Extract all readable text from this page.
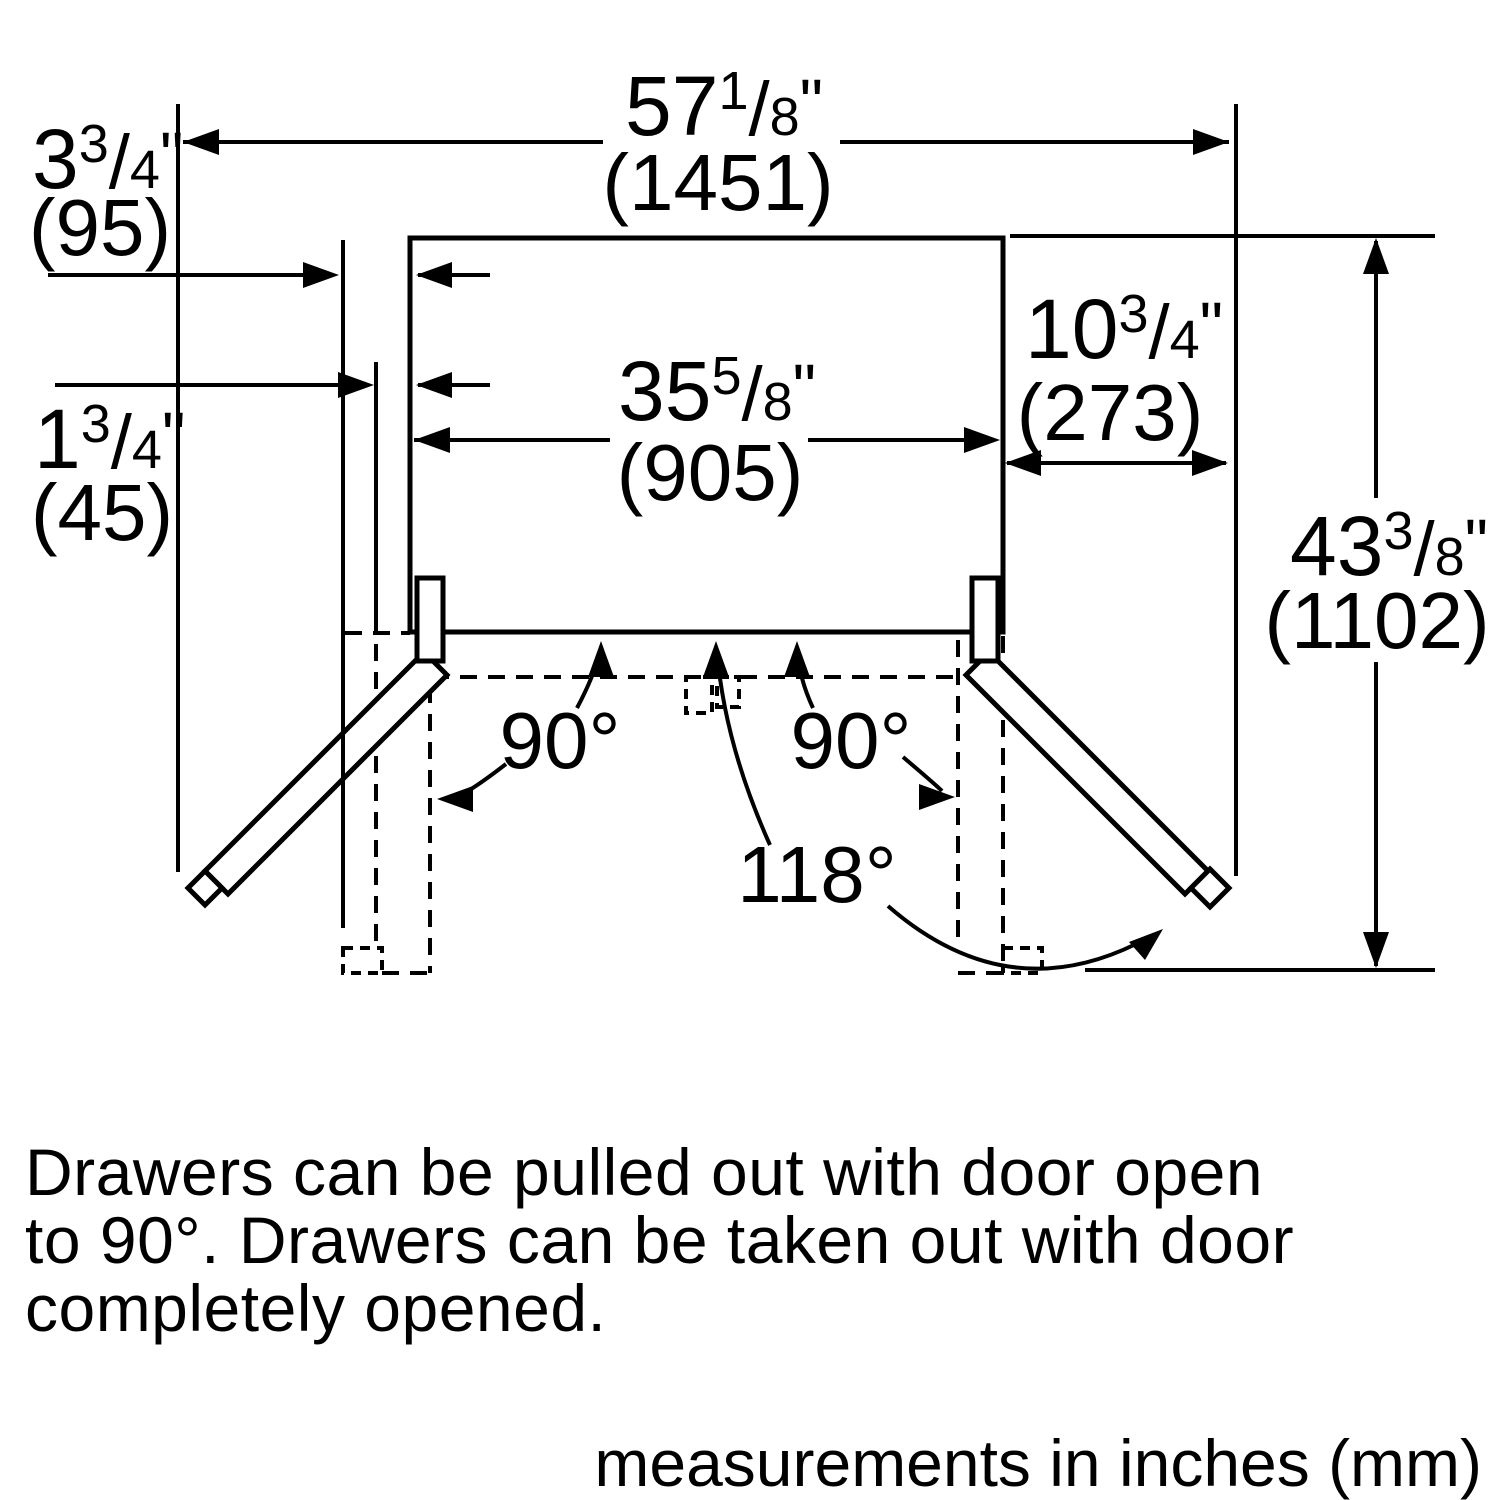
57$^1$/8"
(1451)
3$^3$/4"
(95)
1$^3$/4"
(45)
35$^5$/8"
(905)
10$^3$/4"
(273)
43$^3$/8"
(1102)
90° 90°
118°
Drawers can be pulled out with door open
to 90°. Drawers can be taken out with door
completely opened.
measurements in inches (mm)
